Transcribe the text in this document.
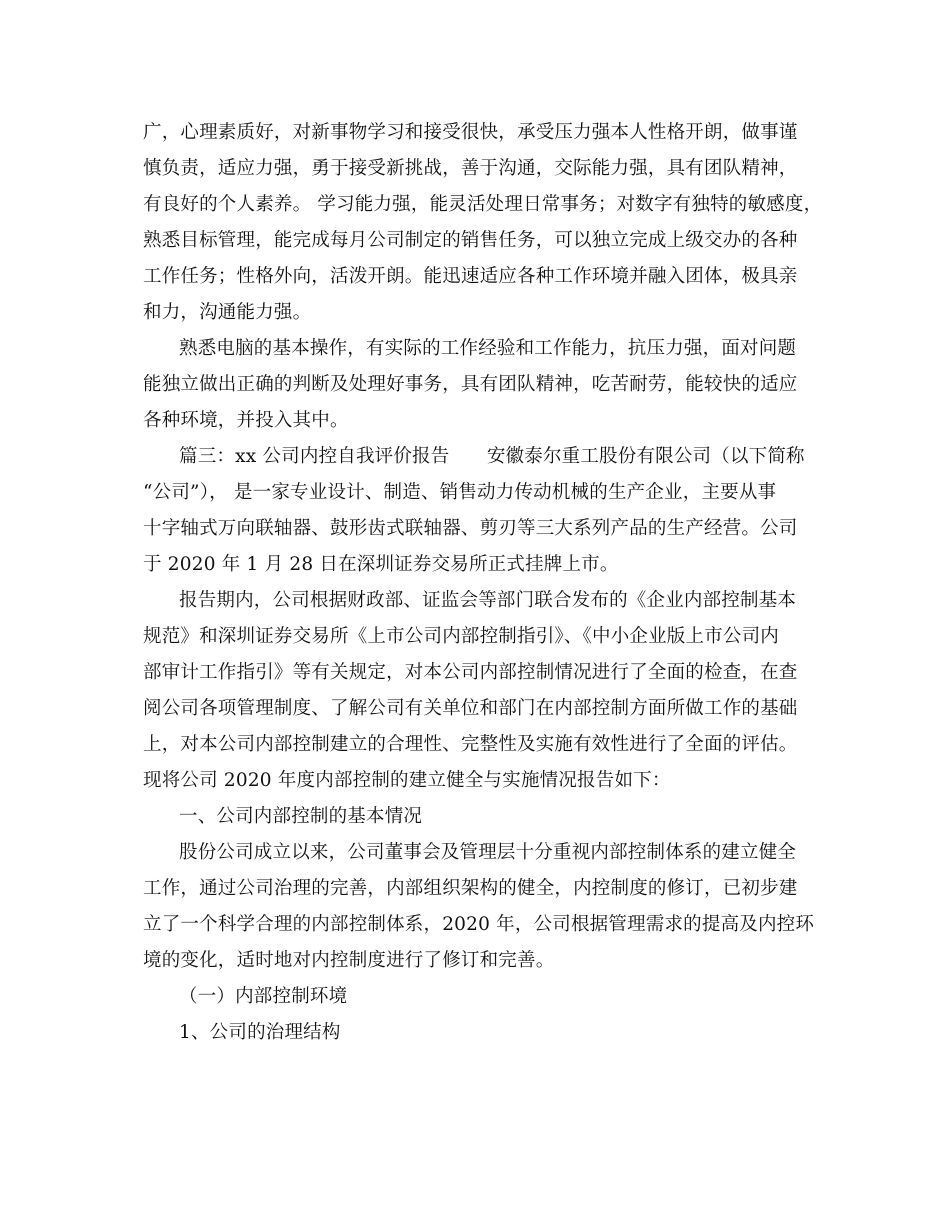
广，心理素质好，对新事物学习和接受很快，承受压力强本人性格开朗，做事谨
慎负责，适应力强，勇于接受新挑战，善于沟通，交际能力强，具有团队精神，
有良好的个人素养。 学习能力强，能灵活处理日常事务；对数字有独特的敏感度，
熟悉目标管理，能完成每月公司制定的销售任务，可以独立完成上级交办的各种
工作任务；性格外向，活泼开朗。能迅速适应各种工作环境并融入团体，极具亲
和力，沟通能力强。
熟悉电脑的基本操作，有实际的工作经验和工作能力，抗压力强，面对问题
能独立做出正确的判断及处理好事务，具有团队精神，吃苦耐劳，能较快的适应
各种环境，并投入其中。
篇三：xx 公司内控自我评价报告　　安徽泰尔重工股份有限公司（以下简称
“公司”）， 是一家专业设计、制造、销售动力传动机械的生产企业，主要从事
十字轴式万向联轴器、鼓形齿式联轴器、剪刃等三大系列产品的生产经营。公司
于 2020 年 1 月 28 日在深圳证券交易所正式挂牌上市。
报告期内，公司根据财政部、证监会等部门联合发布的《企业内部控制基本
规范》和深圳证券交易所《上市公司内部控制指引》、《中小企业版上市公司内
部审计工作指引》等有关规定，对本公司内部控制情况进行了全面的检查，在查
阅公司各项管理制度、了解公司有关单位和部门在内部控制方面所做工作的基础
上，对本公司内部控制建立的合理性、完整性及实施有效性进行了全面的评估。
现将公司 2020 年度内部控制的建立健全与实施情况报告如下：
一、公司内部控制的基本情况
股份公司成立以来，公司董事会及管理层十分重视内部控制体系的建立健全
工作，通过公司治理的完善，内部组织架构的健全，内控制度的修订，已初步建
立了一个科学合理的内部控制体系，2020 年，公司根据管理需求的提高及内控环
境的变化，适时地对内控制度进行了修订和完善。
（一）内部控制环境
1、公司的治理结构
